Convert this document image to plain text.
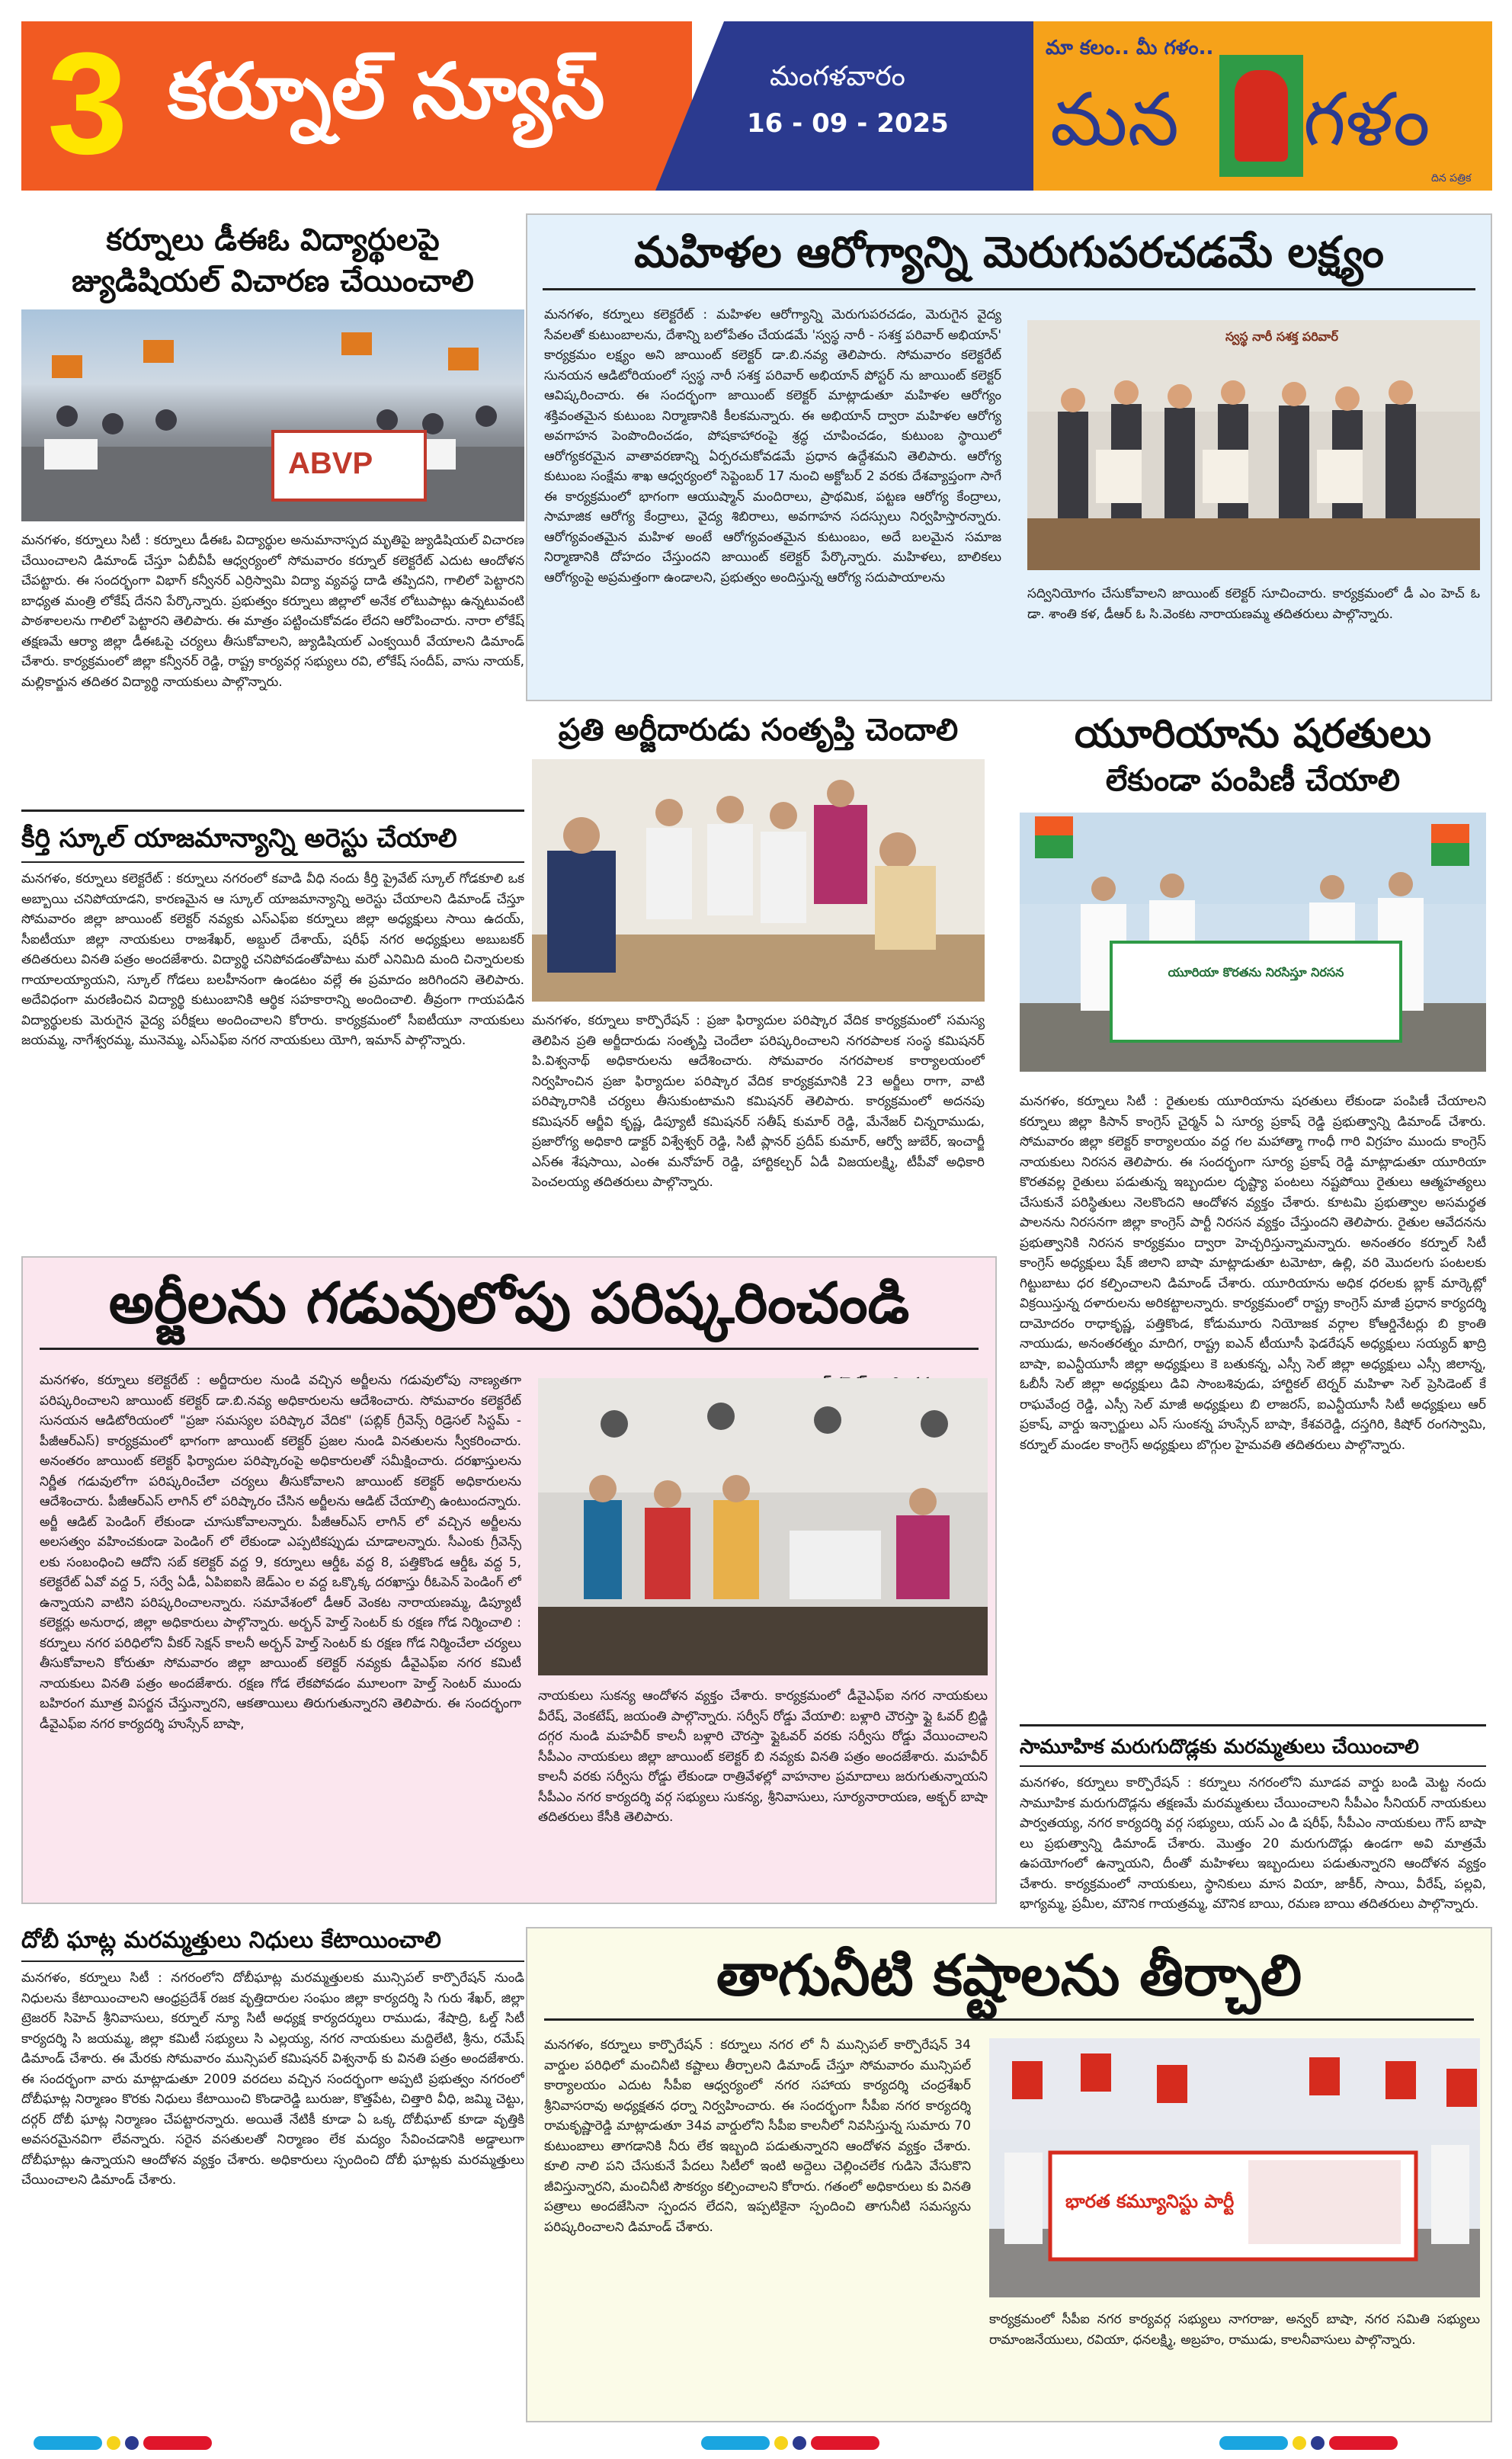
3 కర్నూల్ న్యూస్	మంగళవారం
16 - 09 - 2025
మా కలం.. మీ గళం..
మన గళం
దిన పత్రిక
కర్నూలు డీఈఓ విద్యార్థులపై
జ్యుడిషియల్ విచారణ చేయించాలి
ABVP
మనగళం, కర్నూలు సిటీ : కర్నూలు డీఈఓ విద్యార్థుల అనుమానాస్పద మృతిపై జ్యుడిషియల్ విచారణ చేయించాలని డిమాండ్ చేస్తూ ఏబీవీపీ ఆధ్వర్యంలో సోమవారం కర్నూల్ కలెక్టరేట్ ఎదుట ఆందోళన చేపట్టారు. ఈ సందర్భంగా విభాగ్ కన్వీనర్ ఎర్రిస్వామి విద్యా వ్యవస్థ దాడి తప్పిదని, గాలిలో పెట్టారని బాధ్యత మంత్రి లోకేష్ దేనని పేర్కొన్నారు. ప్రభుత్వం కర్నూలు జిల్లాలో అనేక లోటుపాట్లు ఉన్నటువంటి పాఠశాలలను గాలిలో పెట్టారని తెలిపారు. ఈ మాత్రం పట్టించుకోవడం లేదని ఆరోపించారు. నారా లోకేష్ తక్షణమే ఆర్యా జిల్లా డీఈఓపై చర్యలు తీసుకోవాలని, జ్యుడిషియల్ ఎంక్వయిరీ వేయాలని డిమాండ్ చేశారు. కార్యక్రమంలో జిల్లా కన్వీనర్ రెడ్డి, రాష్ట్ర కార్యవర్గ సభ్యులు రవి, లోకేష్ సందీప్, వాసు నాయక్, మల్లికార్జున తదితర విద్యార్థి నాయకులు పాల్గొన్నారు.
కీర్తి స్కూల్ యాజమాన్యాన్ని అరెస్టు చేయాలి
మనగళం, కర్నూలు కలెక్టరేట్ : కర్నూలు నగరంలో కవాడి వీధి నందు కీర్తి ప్రైవేట్ స్కూల్ గోడకూలి ఒక అబ్బాయి చనిపోయాడని, కారణమైన ఆ స్కూల్ యాజమాన్యాన్ని అరెస్టు చేయాలని డిమాండ్ చేస్తూ సోమవారం జిల్లా జాయింట్ కలెక్టర్ నవ్యకు ఎస్ఎఫ్ఐ కర్నూలు జిల్లా అధ్యక్షులు సాయి ఉదయ్, సీఐటీయూ జిల్లా నాయకులు రాజశేఖర్, అబ్దుల్ దేశాయ్, షరీఫ్ నగర అధ్యక్షులు అబుబకర్ తదితరులు వినతి పత్రం అందజేశారు. విద్యార్థి చనిపోవడంతోపాటు మరో ఎనిమిది మంది చిన్నారులకు గాయాలయ్యాయని, స్కూల్ గోడలు బలహీనంగా ఉండటం వల్లే ఈ ప్రమాదం జరిగిందని తెలిపారు. అదేవిధంగా మరణించిన విద్యార్థి కుటుంబానికి ఆర్థిక సహకారాన్ని అందించాలి. తీవ్రంగా గాయపడిన విద్యార్థులకు మెరుగైన వైద్య పరీక్షలు అందించాలని కోరారు. కార్యక్రమంలో సీఐటీయూ నాయకులు జయమ్మ, నాగేశ్వరమ్మ, మునెమ్మ, ఎస్ఎఫ్ఐ నగర నాయకులు యోగి, ఇమాన్ పాల్గొన్నారు.
మహిళల ఆరోగ్యాన్ని మెరుగుపరచడమే లక్ష్యం
మనగళం, కర్నూలు కలెక్టరేట్ : మహిళల ఆరోగ్యాన్ని మెరుగుపరచడం, మెరుగైన వైద్య సేవలతో కుటుంబాలను, దేశాన్ని బలోపేతం చేయడమే 'స్వస్థ నారీ - సశక్త పరివార్ అభియాన్' కార్యక్రమం లక్ష్యం అని జాయింట్ కలెక్టర్ డా.బి.నవ్య తెలిపారు. సోమవారం కలెక్టరేట్ సునయన ఆడిటోరియంలో స్వస్థ నారీ సశక్త పరివార్ అభియాన్ పోస్టర్ ను జాయింట్ కలెక్టర్ ఆవిష్కరించారు. ఈ సందర్భంగా జాయింట్ కలెక్టర్ మాట్లాడుతూ మహిళల ఆరోగ్యం శక్తివంతమైన కుటుంబ నిర్మాణానికి కీలకమన్నారు. ఈ అభియాన్ ద్వారా మహిళల ఆరోగ్య అవగాహన పెంపొందించడం, పోషకాహారంపై శ్రద్ధ చూపించడం, కుటుంబ స్థాయిలో ఆరోగ్యకరమైన వాతావరణాన్ని ఏర్పరచుకోవడమే ప్రధాన ఉద్దేశమని తెలిపారు. ఆరోగ్య కుటుంబ సంక్షేమ శాఖ ఆధ్వర్యంలో సెప్టెంబర్ 17 నుంచి అక్టోబర్ 2 వరకు దేశవ్యాప్తంగా సాగే ఈ కార్యక్రమంలో భాగంగా ఆయుష్మాన్ మందిరాలు, ప్రాథమిక, పట్టణ ఆరోగ్య కేంద్రాలు, సామాజిక ఆరోగ్య కేంద్రాలు, వైద్య శిబిరాలు, అవగాహన సదస్సులు నిర్వహిస్తారన్నారు. ఆరోగ్యవంతమైన మహిళ అంటే ఆరోగ్యవంతమైన కుటుంబం, అదే బలమైన సమాజ నిర్మాణానికి దోహదం చేస్తుందని జాయింట్ కలెక్టర్ పేర్కొన్నారు. మహిళలు, బాలికలు ఆరోగ్యంపై అప్రమత్తంగా ఉండాలని, ప్రభుత్వం అందిస్తున్న ఆరోగ్య సదుపాయాలను
స్వస్థ నారీ సశక్త పరివార్
సద్వినియోగం చేసుకోవాలని జాయింట్ కలెక్టర్ సూచించారు. కార్యక్రమంలో డీ ఎం హెచ్ ఓ డా. శాంతి కళ, డీఆర్ ఓ సి.వెంకట నారాయణమ్మ తదితరులు పాల్గొన్నారు.
ప్రతి అర్జీదారుడు సంతృప్తి చెందాలి
మనగళం, కర్నూలు కార్పొరేషన్ : ప్రజా ఫిర్యాదుల పరిష్కార వేదిక కార్యక్రమంలో సమస్య తెలిపిన ప్రతి అర్జీదారుడు సంతృప్తి చెందేలా పరిష్కరించాలని నగరపాలక సంస్థ కమిషనర్ పి.విశ్వనాథ్ అధికారులను ఆదేశించారు. సోమవారం నగరపాలక కార్యాలయంలో నిర్వహించిన ప్రజా ఫిర్యాదుల పరిష్కార వేదిక కార్యక్రమానికి 23 అర్జీలు రాగా, వాటి పరిష్కారానికి చర్యలు తీసుకుంటామని కమిషనర్ తెలిపారు. కార్యక్రమంలో అదనపు కమిషనర్ ఆర్జీవి కృష్ణ, డిప్యూటీ కమిషనర్ సతీష్ కుమార్ రెడ్డి, మేనేజర్ చిన్నరాముడు, ప్రజారోగ్య అధికారి డాక్టర్ విశ్వేశ్వర్ రెడ్డి, సిటీ ప్లానర్ ప్రదీప్ కుమార్, ఆర్వో జుబేర్, ఇంచార్జీ ఎస్ఈ శేషసాయి, ఎంఈ మనోహర్ రెడ్డి, హార్టికల్చర్ ఏడీ విజయలక్ష్మి, టీపీవో అధికారి పెంచలయ్య తదితరులు పాల్గొన్నారు.
యూరియాను షరతులు
లేకుండా పంపిణీ చేయాలి
యూరియా కొరతను నిరసిస్తూ నిరసన
మనగళం, కర్నూలు సిటీ : రైతులకు యూరియాను షరతులు లేకుండా పంపిణీ చేయాలని కర్నూలు జిల్లా కిసాన్ కాంగ్రెస్ చైర్మన్ ఏ సూర్య ప్రకాష్ రెడ్డి ప్రభుత్వాన్ని డిమాండ్ చేశారు. సోమవారం జిల్లా కలెక్టర్ కార్యాలయం వద్ద గల మహాత్మా గాంధీ గారి విగ్రహం ముందు కాంగ్రెస్ నాయకులు నిరసన తెలిపారు. ఈ సందర్భంగా సూర్య ప్రకాష్ రెడ్డి మాట్లాడుతూ యూరియా కొరతవల్ల రైతులు పడుతున్న ఇబ్బందుల దృష్ట్యా పంటలు నష్టపోయి రైతులు ఆత్మహత్యలు చేసుకునే పరిస్థితులు నెలకొందని ఆందోళన వ్యక్తం చేశారు. కూటమి ప్రభుత్వాల అసమర్థత పాలనను నిరసనగా జిల్లా కాంగ్రెస్ పార్టీ నిరసన వ్యక్తం చేస్తుందని తెలిపారు. రైతుల ఆవేదనను ప్రభుత్వానికి నిరసన కార్యక్రమం ద్వారా హెచ్చరిస్తున్నామన్నారు. అనంతరం కర్నూల్ సిటీ కాంగ్రెస్ అధ్యక్షులు షేక్ జిలాని బాషా మాట్లాడుతూ టమోటా, ఉల్లి, వరి మొదలగు పంటలకు గిట్టుబాటు ధర కల్పించాలని డిమాండ్ చేశారు. యూరియాను అధిక ధరలకు బ్లాక్ మార్కెట్లో విక్రయిస్తున్న దళారులను అరికట్టాలన్నారు. కార్యక్రమంలో రాష్ట్ర కాంగ్రెస్ మాజీ ప్రధాన కార్యదర్శి దామోదరం రాధాకృష్ణ, పత్తికొండ, కోడుమూరు నియోజక వర్గాల కోఆర్డినేటర్లు బి క్రాంతి నాయుడు, అనంతరత్నం మాదిగ, రాష్ట్ర ఐఎన్ టీయూసీ ఫెడరేషన్ అధ్యక్షులు సయ్యద్ ఖాద్రి బాషా, ఐఎన్టీయూసీ జిల్లా అధ్యక్షులు కె బతుకన్న, ఎస్సీ సెల్ జిల్లా అధ్యక్షులు ఎస్సీ జిలాన్న, ఓబీసీ సెల్ జిల్లా అధ్యక్షులు డివి సాంబశివుడు, హార్టికల్ టెర్నర్ మహిళా సెల్ ప్రెసిడెంట్ కే రాఘవేంద్ర రెడ్డి, ఎస్సీ సెల్ మాజీ అధ్యక్షులు బి లాజరస్, ఐఎన్టీయూసీ సిటీ అధ్యక్షులు ఆర్ ప్రకాష్, వార్డు ఇన్చార్జులు ఎస్ సుంకన్న హుస్సేన్ బాషా, కేశవరెడ్డి, దస్తగిరి, కిషోర్ రంగస్వామి, కర్నూల్ మండల కాంగ్రెస్ అధ్యక్షులు బొగ్గుల హైమవతి తదితరులు పాల్గొన్నారు.
సామూహిక మరుగుదొడ్లకు మరమ్మతులు చేయించాలి
మనగళం, కర్నూలు కార్పొరేషన్ : కర్నూలు నగరంలోని మూడవ వార్డు బండి మెట్ట నందు సామూహిక మరుగుదొడ్లను తక్షణమే మరమ్మతులు చేయించాలని సీపీఎం సీనియర్ నాయకులు పార్వతయ్య, నగర కార్యదర్శి వర్గ సభ్యులు, యస్ ఎం డి షరీఫ్, సీపీఎం నాయకులు గౌస్ బాషా లు ప్రభుత్వాన్ని డిమాండ్ చేశారు. మొత్తం 20 మరుగుదొడ్లు ఉండగా అవి మాత్రమే ఉపయోగంలో ఉన్నాయని, దీంతో మహిళలు ఇబ్బందులు పడుతున్నారని ఆందోళన వ్యక్తం చేశారు. కార్యక్రమంలో నాయకులు, స్థానికులు మాస వియా, జాకీర్, సాయి, వీరేష్, పల్లవి, భాగ్యమ్మ, ప్రమీల, మౌనిక గాయత్రమ్మ, మౌనిక బాయి, రమణ బాయి తదితరులు పాల్గొన్నారు.
అర్జీలను గడువులోపు పరిష్కరించండి
మనగళం, కర్నూలు కలెక్టరేట్ : అర్జీదారుల నుండి వచ్చిన అర్జీలను గడువులోపు నాణ్యతగా పరిష్కరించాలని జాయింట్ కలెక్టర్ డా.బి.నవ్య అధికారులను ఆదేశించారు. సోమవారం కలెక్టరేట్ సునయన ఆడిటోరియంలో "ప్రజా సమస్యల పరిష్కార వేదిక" (పబ్లిక్ గ్రీవెన్స్ రిడ్రెసల్ సిస్టమ్ - పీజీఆర్ఎస్) కార్యక్రమంలో భాగంగా జాయింట్ కలెక్టర్ ప్రజల నుండి వినతులను స్వీకరించారు. అనంతరం జాయింట్ కలెక్టర్ ఫిర్యాదుల పరిష్కారంపై అధికారులతో సమీక్షించారు. దరఖాస్తులను నిర్ణీత గడువులోగా పరిష్కరించేలా చర్యలు తీసుకోవాలని జాయింట్ కలెక్టర్ అధికారులను ఆదేశించారు. పీజీఆర్ఎస్ లాగిన్ లో పరిష్కారం చేసిన అర్జీలను ఆడిట్ చేయాల్సి ఉంటుందన్నారు. అర్జీ ఆడిట్ పెండింగ్ లేకుండా చూసుకోవాలన్నారు. పీజీఆర్ఎస్ లాగిన్ లో వచ్చిన అర్జీలను అలసత్వం వహించకుండా పెండింగ్ లో లేకుండా ఎప్పటికప్పుడు చూడాలన్నారు. సీఎంకు గ్రీవెన్స్ లకు సంబంధించి ఆదోని సబ్ కలెక్టర్ వద్ద 9, కర్నూలు ఆర్డీఓ వద్ద 8, పత్తికొండ ఆర్డీఓ వద్ద 5, కలెక్టరేట్ ఏవో వద్ద 5, సర్వే ఏడీ, ఏపిఐఐసి జెడ్ఎం ల వద్ద ఒక్కొక్క దరఖాస్తు రీఓపెన్ పెండింగ్ లో ఉన్నాయని వాటిని పరిష్కరించాలన్నారు. సమావేశంలో డీఆర్ వెంకట నారాయణమ్మ, డిప్యూటీ కలెక్టర్లు అనురాధ, జిల్లా అధికారులు పాల్గొన్నారు. అర్బన్ హెల్త్ సెంటర్ కు రక్షణ గోడ నిర్మించాలి : కర్నూలు నగర పరిధిలోని వీకర్ సెక్షన్ కాలనీ అర్బన్ హెల్త్ సెంటర్ కు రక్షణ గోడ నిర్మించేలా చర్యలు తీసుకోవాలని కోరుతూ సోమవారం జిల్లా జాయింట్ కలెక్టర్ నవ్యకు డీవైఎఫ్ఐ నగర కమిటీ నాయకులు వినతి పత్రం అందజేశారు. రక్షణ గోడ లేకపోవడం మూలంగా హెల్త్ సెంటర్ ముందు బహిరంగ మూత్ర విసర్జన చేస్తున్నారని, ఆకతాయిలు తిరుగుతున్నారని తెలిపారు. ఈ సందర్భంగా డీవైఎఫ్ఐ నగర కార్యదర్శి హుస్సేన్ బాషా,
నాయకులు సుకన్య ఆందోళన వ్యక్తం చేశారు. కార్యక్రమంలో డీవైఎఫ్ఐ నగర నాయకులు వీరేష్, వెంకటేష్, జయంతి పాల్గొన్నారు. సర్వీస్ రోడ్డు వేయాలి: బళ్లారి చౌరస్తా ఫ్లై ఓవర్ బ్రిడ్జి దగ్గర నుండి మహవీర్ కాలనీ బళ్లారి చౌరస్తా ఫ్లైఓవర్ వరకు సర్వీసు రోడ్డు వేయించాలని సీపీఎం నాయకులు జిల్లా జాయింట్ కలెక్టర్ బి నవ్యకు వినతి పత్రం అందజేశారు. మహవీర్ కాలనీ వరకు సర్వీసు రోడ్డు లేకుండా రాత్రివేళల్లో వాహనాల ప్రమాదాలు జరుగుతున్నాయని సీపీఎం నగర కార్యదర్శి వర్గ సభ్యులు సుకన్య, శ్రీనివాసులు, సూర్యనారాయణ, అక్బర్ బాషా తదితరులు కేసీకి తెలిపారు.
దోబీ ఘాట్ల మరమ్మత్తులు నిధులు కేటాయించాలి
మనగళం, కర్నూలు సిటీ : నగరంలోని దోబీఘాట్ల మరమ్మత్తులకు మున్సిపల్ కార్పొరేషన్ నుండి నిధులను కేటాయించాలని ఆంధ్రప్రదేశ్ రజక వృత్తిదారుల సంఘం జిల్లా కార్యదర్శి సి గురు శేఖర్, జిల్లా ట్రెజరర్ సిహెచ్ శ్రీనివాసులు, కర్నూల్ న్యూ సిటీ అధ్యక్ష కార్యదర్శులు రాముడు, శేషాద్రి, ఓల్డ్ సిటీ కార్యదర్శి సి జయమ్మ, జిల్లా కమిటీ సభ్యులు సి ఎల్లయ్య, నగర నాయకులు మద్దిలేటి, శ్రీను, రమేష్ డిమాండ్ చేశారు. ఈ మేరకు సోమవారం మున్సిపల్ కమిషనర్ విశ్వనాథ్ కు వినతి పత్రం అందజేశారు. ఈ సందర్భంగా వారు మాట్లాడుతూ 2009 వరదలు వచ్చిన సందర్భంగా అప్పటి ప్రభుత్వం నగరంలో దోబీఘాట్ల నిర్మాణం కొరకు నిధులు కేటాయించి కొండారెడ్డి బురుజు, కొత్తపేట, చిత్తారి వీధి, జమ్మి చెట్టు, దర్గర్ దోబీ ఘాట్ల నిర్మాణం చేపట్టారన్నారు. అయితే నేటికీ కూడా ఏ ఒక్క దోబీఘాట్ కూడా వృత్తికి అవసరమైనవిగా లేవన్నారు. సరైన వసతులతో నిర్మాణం లేక మద్యం సేవించడానికి అడ్డాలుగా దోబీఘాట్లు ఉన్నాయని ఆందోళన వ్యక్తం చేశారు. అధికారులు స్పందించి దోబీ ఘాట్లకు మరమ్మత్తులు చేయించాలని డిమాండ్ చేశారు.
తాగునీటి కష్టాలను తీర్చాలి
మనగళం, కర్నూలు కార్పొరేషన్ : కర్నూలు నగర లో నీ మున్సిపల్ కార్పొరేషన్ 34 వార్డుల పరిధిలో మంచినీటి కష్టాలు తీర్చాలని డిమాండ్ చేస్తూ సోమవారం మున్సిపల్ కార్యాలయం ఎదుట సీపీఐ ఆధ్వర్యంలో నగర సహాయ కార్యదర్శి చంద్రశేఖర్ శ్రీనివాసరావు అధ్యక్షతన ధర్నా నిర్వహించారు. ఈ సందర్భంగా సీపీఐ నగర కార్యదర్శి రామకృష్ణారెడ్డి మాట్లాడుతూ 34వ వార్డులోని సీపీఐ కాలనీలో నివసిస్తున్న సుమారు 70 కుటుంబాలు తాగడానికి నీరు లేక ఇబ్బంది పడుతున్నారని ఆందోళన వ్యక్తం చేశారు. కూలి నాలి పని చేసుకునే పేదలు సిటీలో ఇంటి అద్దెలు చెల్లించలేక గుడిసె వేసుకొని జీవిస్తున్నారని, మంచినీటి సౌకర్యం కల్పించాలని కోరారు. గతంలో అధికారులు కు వినతి పత్రాలు అందజేసినా స్పందన లేదని, ఇప్పటికైనా స్పందించి తాగునీటి సమస్యను పరిష్కరించాలని డిమాండ్ చేశారు.
భారత కమ్యూనిస్టు పార్టీ
కార్యక్రమంలో సీపీఐ నగర కార్యవర్గ సభ్యులు నాగరాజు, అన్వర్ బాషా, నగర సమితి సభ్యులు రామాంజనేయులు, రవియా, ధనలక్ష్మి, అబ్రహం, రాముడు, కాలనీవాసులు పాల్గొన్నారు.
